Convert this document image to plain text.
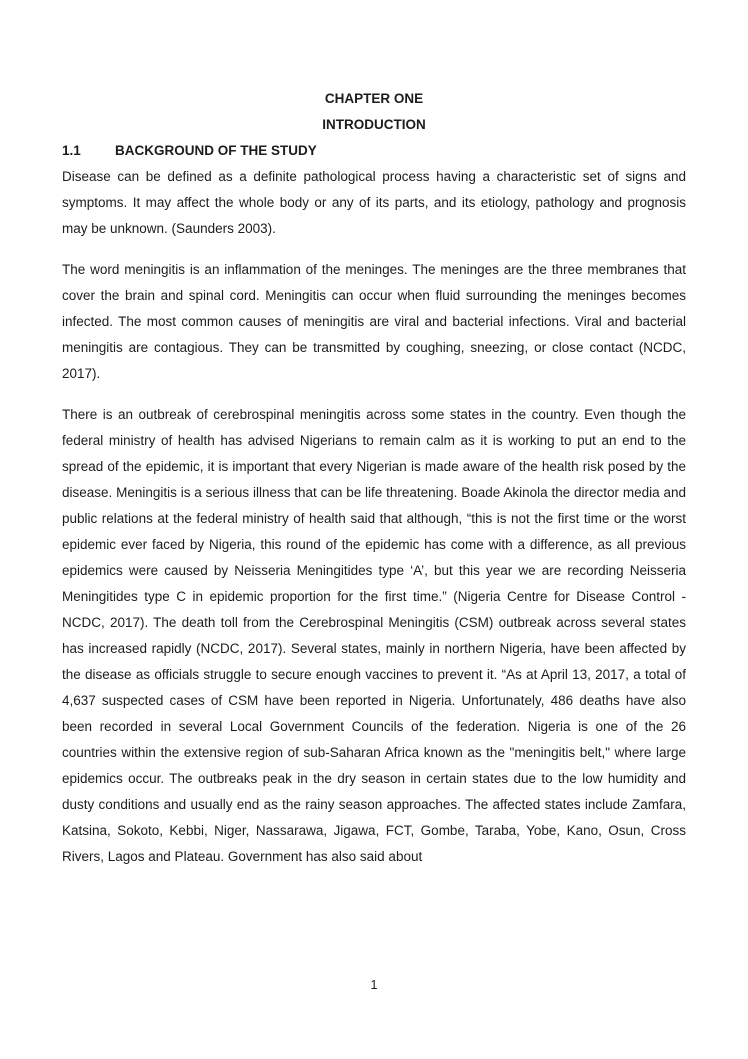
CHAPTER ONE
INTRODUCTION
1.1	BACKGROUND OF THE STUDY

Disease can be defined as a definite pathological process having a characteristic set of signs and symptoms. It may affect the whole body or any of its parts, and its etiology, pathology and prognosis may be unknown. (Saunders 2003).

The word meningitis is an inflammation of the meninges. The meninges are the three membranes that cover the brain and spinal cord. Meningitis can occur when fluid surrounding the meninges becomes infected. The most common causes of meningitis are viral and bacterial infections. Viral and bacterial meningitis are contagious. They can be transmitted by coughing, sneezing, or close contact (NCDC, 2017).

There is an outbreak of cerebrospinal meningitis across some states in the country. Even though the federal ministry of health has advised Nigerians to remain calm as it is working to put an end to the spread of the epidemic, it is important that every Nigerian is made aware of the health risk posed by the disease. Meningitis is a serious illness that can be life threatening. Boade Akinola the director media and public relations at the federal ministry of health said that although, “this is not the first time or the worst epidemic ever faced by Nigeria, this round of the epidemic has come with a difference, as all previous epidemics were caused by Neisseria Meningitides type ‘A’, but this year we are recording Neisseria Meningitides type C in epidemic proportion for the first time.” (Nigeria Centre for Disease Control - NCDC, 2017). The death toll from the Cerebrospinal Meningitis (CSM) outbreak across several states has increased rapidly (NCDC, 2017). Several states, mainly in northern Nigeria, have been affected by the disease as officials struggle to secure enough vaccines to prevent it. “As at April 13, 2017, a total of 4,637 suspected cases of CSM have been reported in Nigeria. Unfortunately, 486 deaths have also been recorded in several Local Government Councils of the federation. Nigeria is one of the 26 countries within the extensive region of sub-Saharan Africa known as the "meningitis belt," where large epidemics occur. The outbreaks peak in the dry season in certain states due to the low humidity and dusty conditions and usually end as the rainy season approaches. The affected states include Zamfara, Katsina, Sokoto, Kebbi, Niger, Nassarawa, Jigawa, FCT, Gombe, Taraba, Yobe, Kano, Osun, Cross Rivers, Lagos and Plateau. Government has also said about

1
